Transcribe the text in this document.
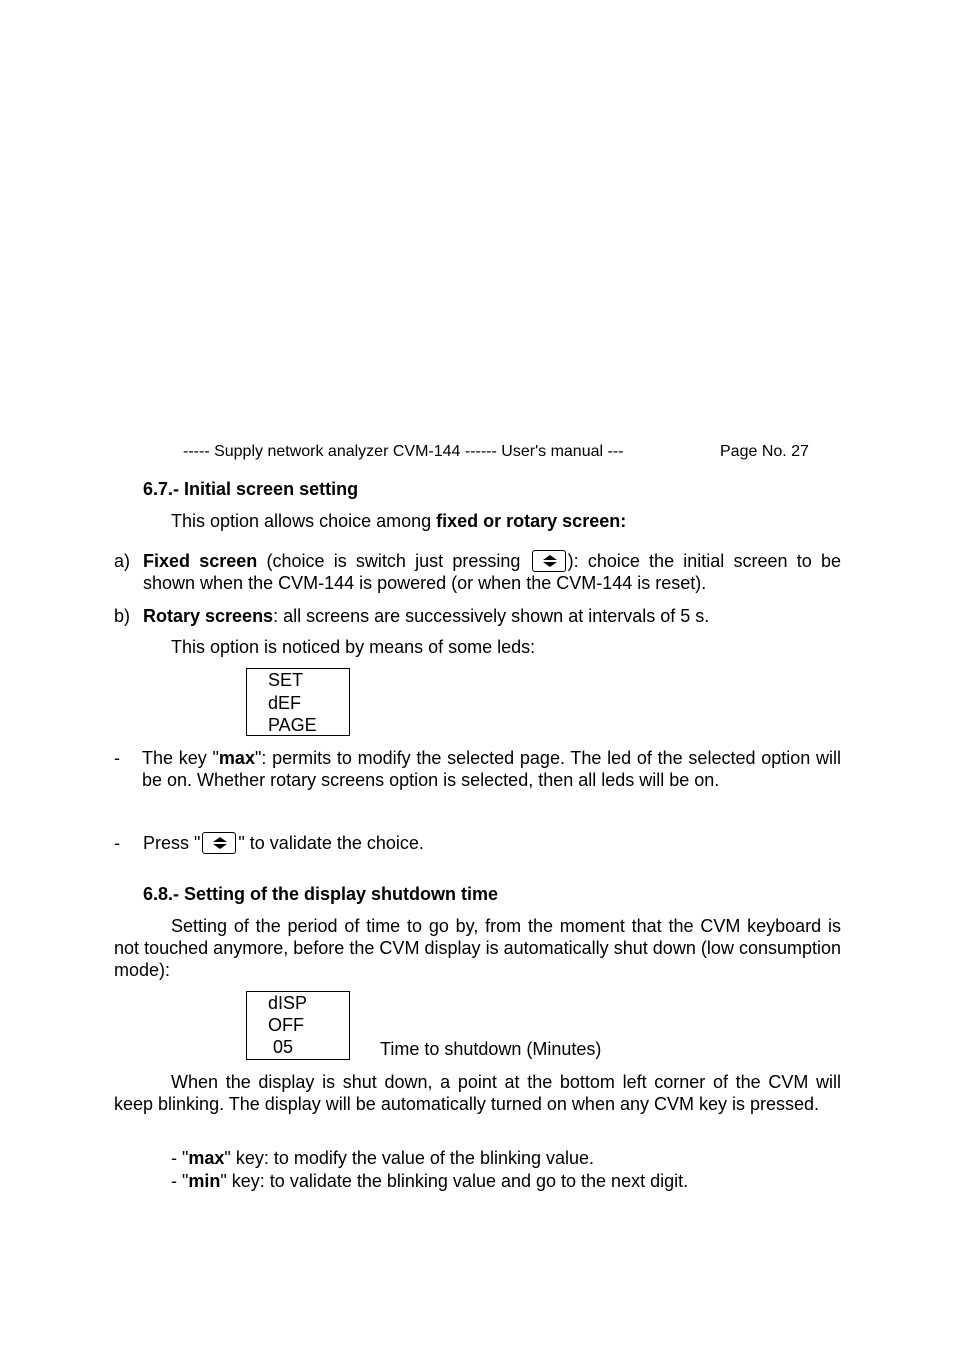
----- Supply network analyzer CVM-144 ------ User's manual ---	Page No. 27
6.7.- Initial screen setting
This option allows choice among fixed or rotary screen:
a) Fixed screen (choice is switch just pressing
): choice the initial screen to be shown when the CVM-144 is powered (or when the CVM-144 is reset).
b) Rotary screens: all screens are successively shown at intervals of 5 s.
This option is noticed by means of some leds:
SET
dEF
PAGE
- The key "max": permits to modify the selected page. The led of the selected option will be on. Whether rotary screens option is selected, then all leds will be on.
- Press " " to validate the choice.
6.8.- Setting of the display shutdown time
Setting of the period of time to go by, from the moment that the CVM keyboard is not touched anymore, before the CVM display is automatically shut down (low consumption mode):
dISP
OFF
05	Time to shutdown (Minutes)
When the display is shut down, a point at the bottom left corner of the CVM will keep blinking. The display will be automatically turned on when any CVM key is pressed.
- "max" key: to modify the value of the blinking value.
- "min" key: to validate the blinking value and go to the next digit.
